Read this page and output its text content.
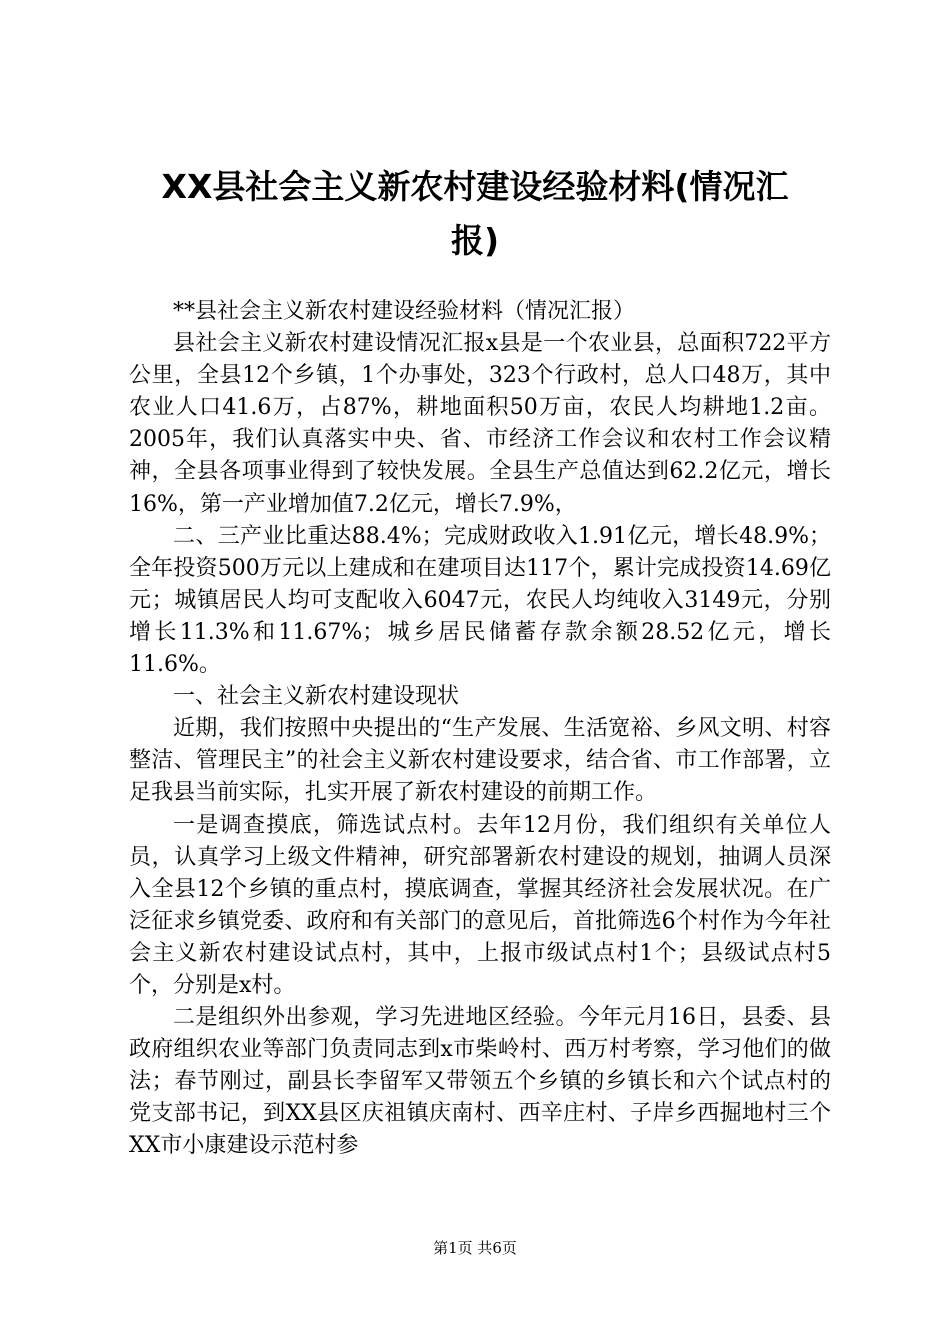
XX县社会主义新农村建设经验材料(情况汇
报)

**县社会主义新农村建设经验材料（情况汇报）

县社会主义新农村建设情况汇报x县是一个农业县，总面积722平方公里，全县12个乡镇，1个办事处，323个行政村，总人口48万，其中农业人口41.6万，占87%，耕地面积50万亩，农民人均耕地1.2亩。2005年，我们认真落实中央、省、市经济工作会议和农村工作会议精神，全县各项事业得到了较快发展。全县生产总值达到62.2亿元，增长16%，第一产业增加值7.2亿元，增长7.9%，

二、三产业比重达88.4%；完成财政收入1.91亿元，增长48.9%；全年投资500万元以上建成和在建项目达117个，累计完成投资14.69亿元；城镇居民人均可支配收入6047元，农民人均纯收入3149元，分别增长11.3%和11.67%；城乡居民储蓄存款余额28.52亿元，增长11.6%。

一、社会主义新农村建设现状

近期，我们按照中央提出的“生产发展、生活宽裕、乡风文明、村容整洁、管理民主”的社会主义新农村建设要求，结合省、市工作部署，立足我县当前实际，扎实开展了新农村建设的前期工作。

一是调查摸底，筛选试点村。去年12月份，我们组织有关单位人员，认真学习上级文件精神，研究部署新农村建设的规划，抽调人员深入全县12个乡镇的重点村，摸底调查，掌握其经济社会发展状况。在广泛征求乡镇党委、政府和有关部门的意见后，首批筛选6个村作为今年社会主义新农村建设试点村，其中，上报市级试点村1个；县级试点村5个，分别是x村。

二是组织外出参观，学习先进地区经验。今年元月16日，县委、县政府组织农业等部门负责同志到x市柴岭村、西万村考察，学习他们的做法；春节刚过，副县长李留军又带领五个乡镇的乡镇长和六个试点村的党支部书记，到XX县区庆祖镇庆南村、西辛庄村、子岸乡西掘地村三个XX市小康建设示范村参

第1页 共6页
